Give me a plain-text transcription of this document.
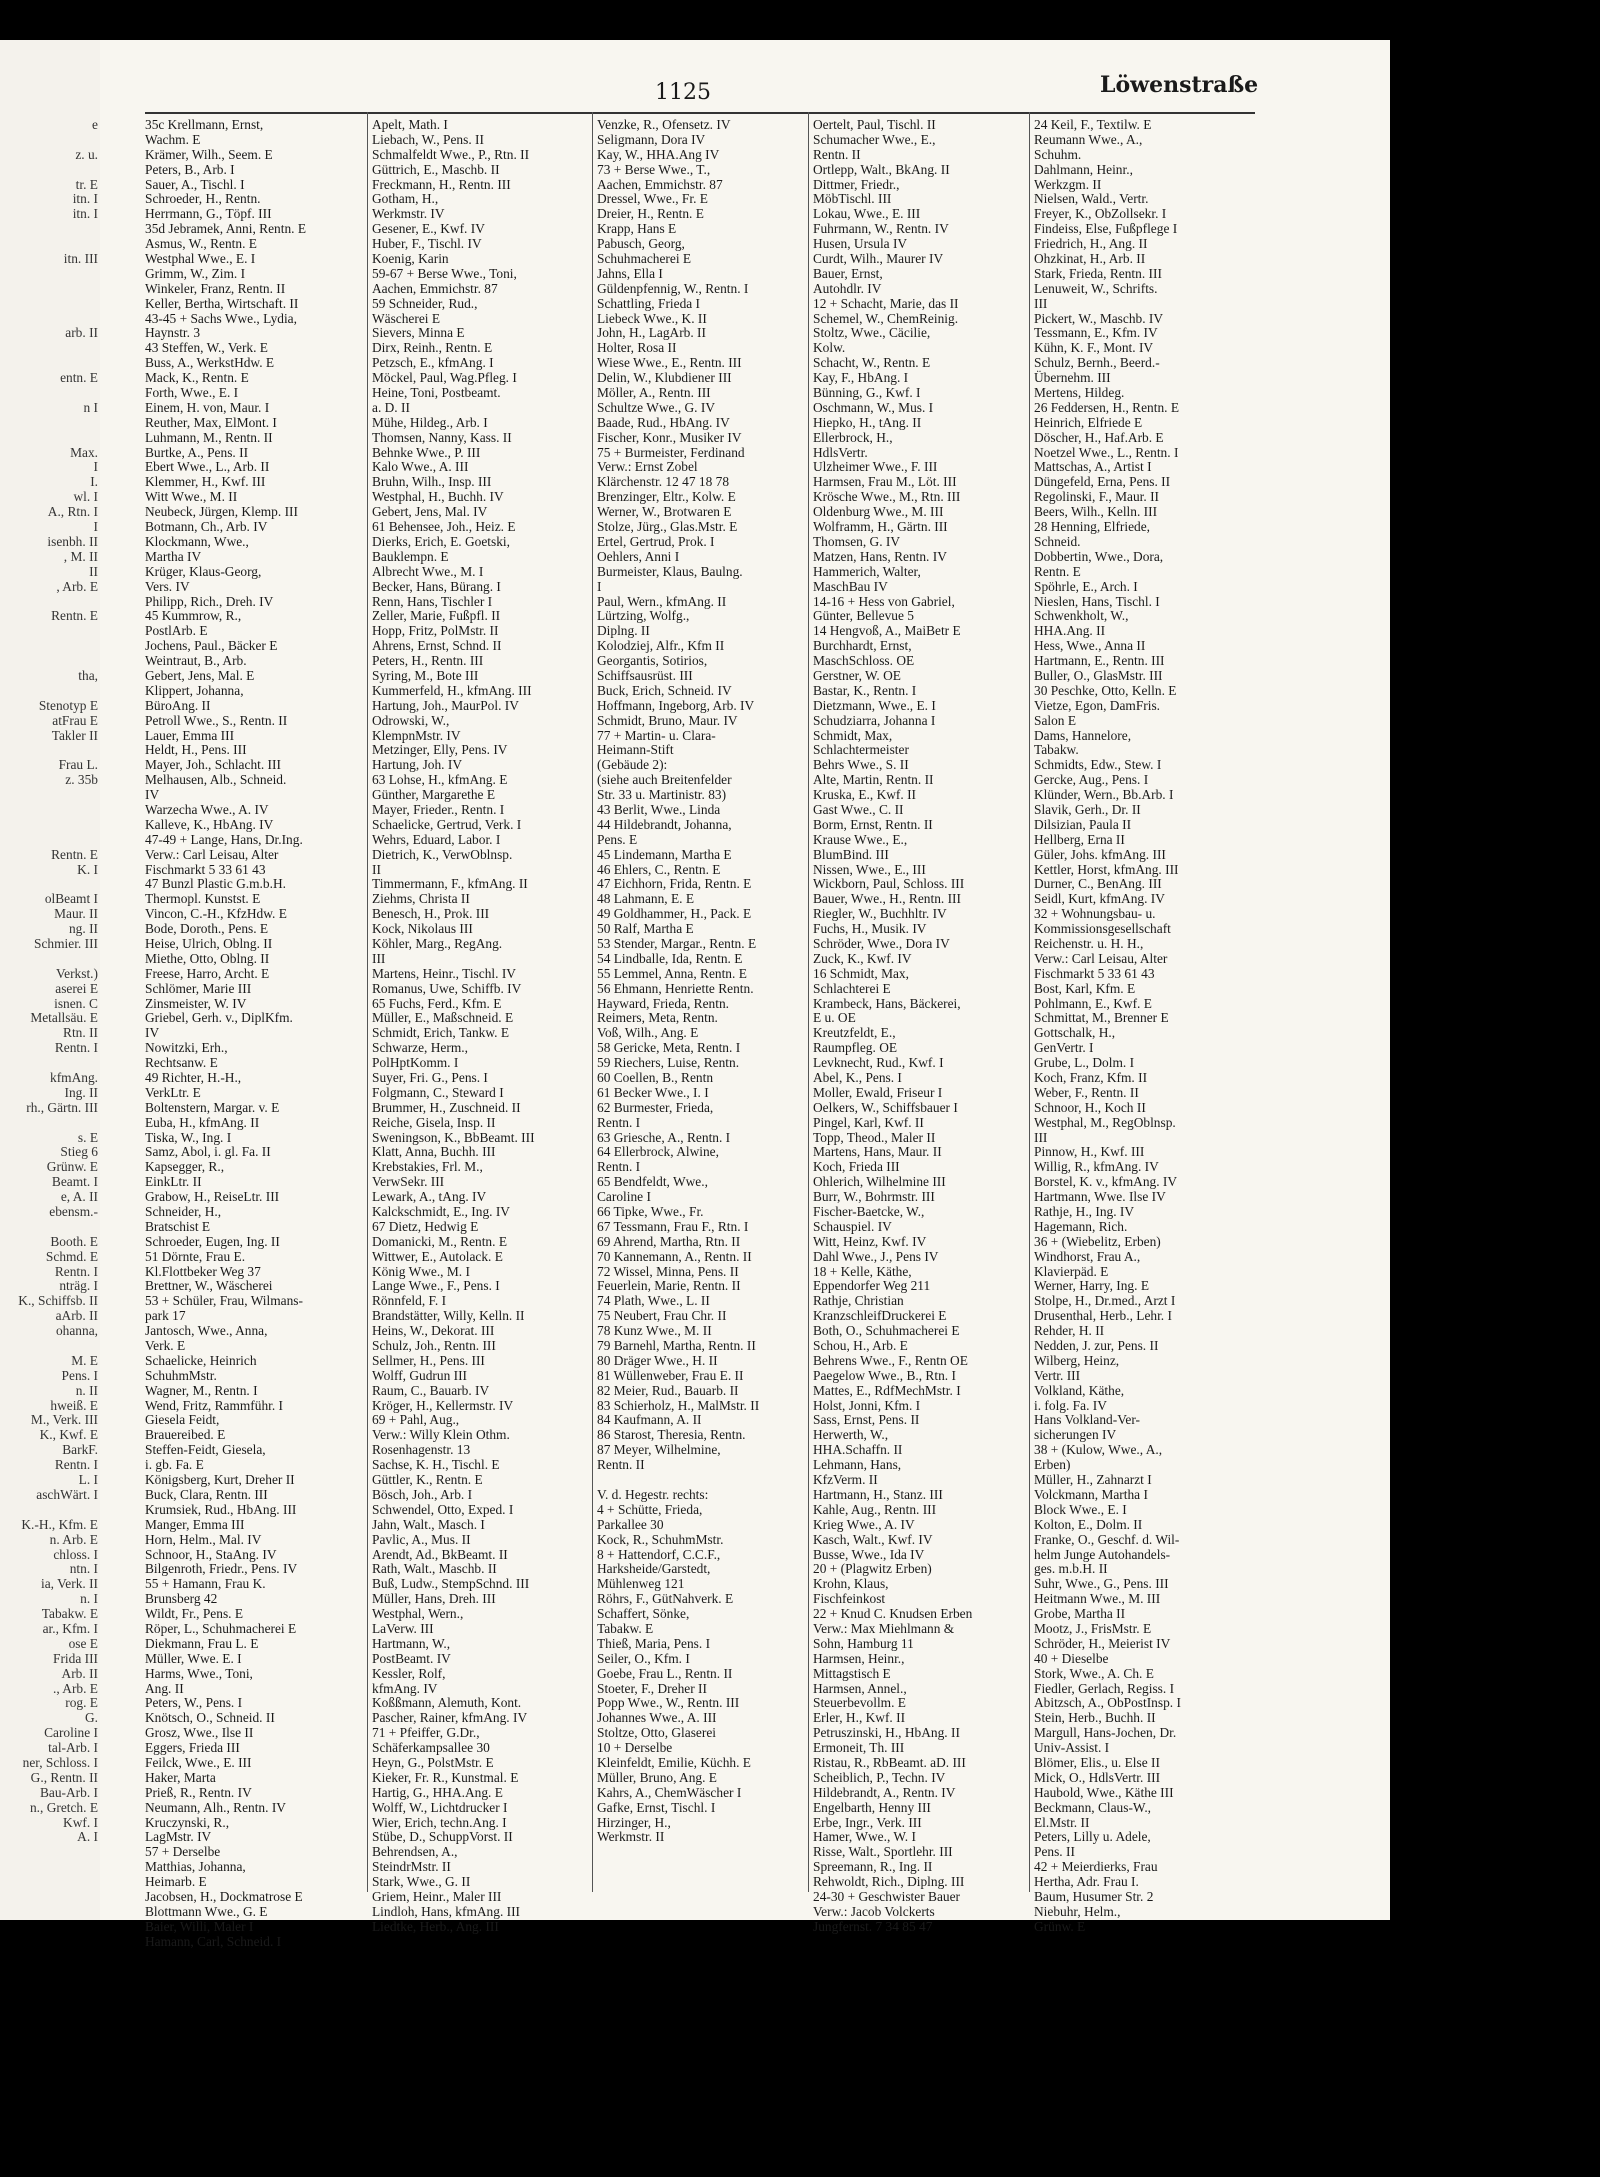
e
z. u.
tr. E
itn. I
itn. I
itn. III
arb. II
entn. E
n I
Max.
I
I.
wl. I
A., Rtn. I
I
isenbh. II
, M. II
II
, Arb. E
Rentn. E
tha,
Stenotyp E
atFrau E
Takler II
Frau L.
z. 35b
Rentn. E
K. I
olBeamt I
Maur. II
ng. II
Schmier. III
Verkst.)
aserei E
isnen. C
Metallsäu. E
Rtn. II
Rentn. I
kfmAng.
Ing. II
rh., Gärtn. III
s. E
Stieg 6
Grünw. E
Beamt. I
e, A. II
ebensm.-
Booth. E
Schmd. E
Rentn. I
nträg. I
K., Schiffsb. II
aArb. II
ohanna,
M. E
Pens. I
n. II
hweiß. E
M., Verk. III
K., Kwf. E
BarkF.
Rentn. I
L. I
aschWärt. I
K.-H., Kfm. E
n. Arb. E
chloss. I
ntn. I
ia, Verk. II
n. I
Tabakw. E
ar., Kfm. I
ose E
Frida III
Arb. II
., Arb. E
rog. E
G.
Caroline I
tal-Arb. I
ner, Schloss. I
G., Rentn. II
Bau-Arb. I
n., Gretch. E
Kwf. I
A. I
1125	Löwenstraße
35c Krellmann, Ernst,
Wachm. E
Krämer, Wilh., Seem. E
Peters, B., Arb. I
Sauer, A., Tischl. I
Schroeder, H., Rentn.
Herrmann, G., Töpf. III
35d Jebramek, Anni, Rentn. E
Asmus, W., Rentn. E
Westphal Wwe., E. I
Grimm, W., Zim. I
Winkeler, Franz, Rentn. II
Keller, Bertha, Wirtschaft. II
43-45 + Sachs Wwe., Lydia,
Haynstr. 3
43 Steffen, W., Verk. E
Buss, A., WerkstHdw. E
Mack, K., Rentn. E
Forth, Wwe., E. I
Einem, H. von, Maur. I
Reuther, Max, ElMont. I
Luhmann, M., Rentn. II
Burtke, A., Pens. II
Ebert Wwe., L., Arb. II
Klemmer, H., Kwf. III
Witt Wwe., M. II
Neubeck, Jürgen, Klemp. III
Botmann, Ch., Arb. IV
Klockmann, Wwe.,
Martha IV
Krüger, Klaus-Georg,
Vers. IV
Philipp, Rich., Dreh. IV
45 Kummrow, R.,
PostlArb. E
Jochens, Paul., Bäcker E
Weintraut, B., Arb.
Gebert, Jens, Mal. E
Klippert, Johanna,
BüroAng. II
Petroll Wwe., S., Rentn. II
Lauer, Emma III
Heldt, H., Pens. III
Mayer, Joh., Schlacht. III
Melhausen, Alb., Schneid.
IV
Warzecha Wwe., A. IV
Kalleve, K., HbAng. IV
47-49 + Lange, Hans, Dr.Ing.
Verw.: Carl Leisau, Alter
Fischmarkt 5 33 61 43
47 Bunzl Plastic G.m.b.H.
Thermopl. Kunstst. E
Vincon, C.-H., KfzHdw. E
Bode, Doroth., Pens. E
Heise, Ulrich, Oblng. II
Miethe, Otto, Oblng. II
Freese, Harro, Archt. E
Schlömer, Marie III
Zinsmeister, W. IV
Griebel, Gerh. v., DiplKfm.
IV
Nowitzki, Erh.,
Rechtsanw. E
49 Richter, H.-H.,
VerkLtr. E
Boltenstern, Margar. v. E
Euba, H., kfmAng. II
Tiska, W., Ing. I
Samz, Abol, i. gl. Fa. II
Kapsegger, R.,
EinkLtr. II
Grabow, H., ReiseLtr. III
Schneider, H.,
Bratschist E
Schroeder, Eugen, Ing. II
51 Dörnte, Frau E.
Kl.Flottbeker Weg 37
Brettner, W., Wäscherei
53 + Schüler, Frau, Wilmans-
park 17
Jantosch, Wwe., Anna,
Verk. E
Schaelicke, Heinrich
SchuhmMstr.
Wagner, M., Rentn. I
Wend, Fritz, Rammführ. I
Giesela Feidt,
Brauereibed. E
Steffen-Feidt, Giesela,
i. gb. Fa. E
Königsberg, Kurt, Dreher II
Buck, Clara, Rentn. III
Krumsiek, Rud., HbAng. III
Manger, Emma III
Horn, Helm., Mal. IV
Schnoor, H., StaAng. IV
Bilgenroth, Friedr., Pens. IV
55 + Hamann, Frau K.
Brunsberg 42
Wildt, Fr., Pens. E
Röper, L., Schuhmacherei E
Diekmann, Frau L. E
Müller, Wwe. E. I
Harms, Wwe., Toni,
Ang. II
Peters, W., Pens. I
Knötsch, O., Schneid. II
Grosz, Wwe., Ilse II
Eggers, Frieda III
Feilck, Wwe., E. III
Haker, Marta
Prieß, R., Rentn. IV
Neumann, Alh., Rentn. IV
Kruczynski, R.,
LagMstr. IV
57 + Derselbe
Matthias, Johanna,
Heimarb. E
Jacobsen, H., Dockmatrose E
Blottmann Wwe., G. E
Baier, Willi, Maler I
Hamann, Carl, Schneid. I
Apelt, Math. I
Liebach, W., Pens. II
Schmalfeldt Wwe., P., Rtn. II
Güttrich, E., Maschb. II
Freckmann, H., Rentn. III
Gotham, H.,
Werkmstr. IV
Gesener, E., Kwf. IV
Huber, F., Tischl. IV
Koenig, Karin
59-67 + Berse Wwe., Toni,
Aachen, Emmichstr. 87
59 Schneider, Rud.,
Wäscherei E
Sievers, Minna E
Dirx, Reinh., Rentn. E
Petzsch, E., kfmAng. I
Möckel, Paul, Wag.Pfleg. I
Heine, Toni, Postbeamt.
a. D. II
Mühe, Hildeg., Arb. I
Thomsen, Nanny, Kass. II
Behnke Wwe., P. III
Kalo Wwe., A. III
Bruhn, Wilh., Insp. III
Westphal, H., Buchh. IV
Gebert, Jens, Mal. IV
61 Behensee, Joh., Heiz. E
Dierks, Erich, E. Goetski,
Bauklempn. E
Albrecht Wwe., M. I
Becker, Hans, Bürang. I
Renn, Hans, Tischler I
Zeller, Marie, Fußpfl. II
Hopp, Fritz, PolMstr. II
Ahrens, Ernst, Schnd. II
Peters, H., Rentn. III
Syring, M., Bote III
Kummerfeld, H., kfmAng. III
Hartung, Joh., MaurPol. IV
Odrowski, W.,
KlempnMstr. IV
Metzinger, Elly, Pens. IV
Hartung, Joh. IV
63 Lohse, H., kfmAng. E
Günther, Margarethe E
Mayer, Frieder., Rentn. I
Schaelicke, Gertrud, Verk. I
Wehrs, Eduard, Labor. I
Dietrich, K., VerwOblnsp.
II
Timmermann, F., kfmAng. II
Ziehms, Christa II
Benesch, H., Prok. III
Kock, Nikolaus III
Köhler, Marg., RegAng.
III
Martens, Heinr., Tischl. IV
Romanus, Uwe, Schiffb. IV
65 Fuchs, Ferd., Kfm. E
Müller, E., Maßschneid. E
Schmidt, Erich, Tankw. E
Schwarze, Herm.,
PolHptKomm. I
Suyer, Fri. G., Pens. I
Folgmann, C., Steward I
Brummer, H., Zuschneid. II
Reiche, Gisela, Insp. II
Sweningson, K., BbBeamt. III
Klatt, Anna, Buchh. III
Krebstakies, Frl. M.,
VerwSekr. III
Lewark, A., tAng. IV
Kalckschmidt, E., Ing. IV
67 Dietz, Hedwig E
Domanicki, M., Rentn. E
Wittwer, E., Autolack. E
König Wwe., M. I
Lange Wwe., F., Pens. I
Rönnfeld, F. I
Brandstätter, Willy, Kelln. II
Heins, W., Dekorat. III
Schulz, Joh., Rentn. III
Sellmer, H., Pens. III
Wolff, Gudrun III
Raum, C., Bauarb. IV
Kröger, H., Kellermstr. IV
69 + Pahl, Aug.,
Verw.: Willy Klein Othm.
Rosenhagenstr. 13
Sachse, K. H., Tischl. E
Güttler, K., Rentn. E
Bösch, Joh., Arb. I
Schwendel, Otto, Exped. I
Jahn, Walt., Masch. I
Pavlic, A., Mus. II
Arendt, Ad., BkBeamt. II
Rath, Walt., Maschb. II
Buß, Ludw., StempSchnd. III
Müller, Hans, Dreh. III
Westphal, Wern.,
LaVerw. III
Hartmann, W.,
PostBeamt. IV
Kessler, Rolf,
kfmAng. IV
Koßßmann, Alemuth, Kont.
Pascher, Rainer, kfmAng. IV
71 + Pfeiffer, G.Dr.,
Schäferkampsallee 30
Heyn, G., PolstMstr. E
Kieker, Fr. R., Kunstmal. E
Hartig, G., HHA.Ang. E
Wolff, W., Lichtdrucker I
Wier, Erich, techn.Ang. I
Stübe, D., SchuppVorst. II
Behrendsen, A.,
SteindrMstr. II
Stark, Wwe., G. II
Griem, Heinr., Maler III
Lindloh, Hans, kfmAng. III
Liedtke, Herb., Ang. III
Venzke, R., Ofensetz. IV
Seligmann, Dora IV
Kay, W., HHA.Ang IV
73 + Berse Wwe., T.,
Aachen, Emmichstr. 87
Dressel, Wwe., Fr. E
Dreier, H., Rentn. E
Krapp, Hans E
Pabusch, Georg,
Schuhmacherei E
Jahns, Ella I
Güldenpfennig, W., Rentn. I
Schattling, Frieda I
Liebeck Wwe., K. II
John, H., LagArb. II
Holter, Rosa II
Wiese Wwe., E., Rentn. III
Delin, W., Klubdiener III
Möller, A., Rentn. III
Schultze Wwe., G. IV
Baade, Rud., HbAng. IV
Fischer, Konr., Musiker IV
75 + Burmeister, Ferdinand
Verw.: Ernst Zobel
Klärchenstr. 12 47 18 78
Brenzinger, Eltr., Kolw. E
Werner, W., Brotwaren E
Stolze, Jürg., Glas.Mstr. E
Ertel, Gertrud, Prok. I
Oehlers, Anni I
Burmeister, Klaus, Baulng.
I
Paul, Wern., kfmAng. II
Lürtzing, Wolfg.,
Diplng. II
Kolodziej, Alfr., Kfm II
Georgantis, Sotirios,
Schiffsausrüst. III
Buck, Erich, Schneid. IV
Hoffmann, Ingeborg, Arb. IV
Schmidt, Bruno, Maur. IV
77 + Martin- u. Clara-
Heimann-Stift
(Gebäude 2):
(siehe auch Breitenfelder
Str. 33 u. Martinistr. 83)
43 Berlit, Wwe., Linda
44 Hildebrandt, Johanna,
Pens. E
45 Lindemann, Martha E
46 Ehlers, C., Rentn. E
47 Eichhorn, Frida, Rentn. E
48 Lahmann, E. E
49 Goldhammer, H., Pack. E
50 Ralf, Martha E
53 Stender, Margar., Rentn. E
54 Lindballe, Ida, Rentn. E
55 Lemmel, Anna, Rentn. E
56 Ehmann, Henriette Rentn.
Hayward, Frieda, Rentn.
Reimers, Meta, Rentn.
Voß, Wilh., Ang. E
58 Gericke, Meta, Rentn. I
59 Riechers, Luise, Rentn.
60 Coellen, B., Rentn
61 Becker Wwe., I. I
62 Burmester, Frieda,
Rentn. I
63 Griesche, A., Rentn. I
64 Ellerbrock, Alwine,
Rentn. I
65 Bendfeldt, Wwe.,
Caroline I
66 Tipke, Wwe., Fr.
67 Tessmann, Frau F., Rtn. I
69 Ahrend, Martha, Rtn. II
70 Kannemann, A., Rentn. II
72 Wissel, Minna, Pens. II
Feuerlein, Marie, Rentn. II
74 Plath, Wwe., L. II
75 Neubert, Frau Chr. II
78 Kunz Wwe., M. II
79 Barnehl, Martha, Rentn. II
80 Dräger Wwe., H. II
81 Wüllenweber, Frau E. II
82 Meier, Rud., Bauarb. II
83 Schierholz, H., MalMstr. II
84 Kaufmann, A. II
86 Starost, Theresia, Rentn.
87 Meyer, Wilhelmine,
Rentn. II
V. d. Hegestr. rechts:
4 + Schütte, Frieda,
Parkallee 30
Kock, R., SchuhmMstr.
8 + Hattendorf, C.C.F.,
Harksheide/Garstedt,
Mühlenweg 121
Röhrs, F., GütNahverk. E
Schaffert, Sönke,
Tabakw. E
Thieß, Maria, Pens. I
Seiler, O., Kfm. I
Goebe, Frau L., Rentn. II
Stoeter, F., Dreher II
Popp Wwe., W., Rentn. III
Johannes Wwe., A. III
Stoltze, Otto, Glaserei
10 + Derselbe
Kleinfeldt, Emilie, Küchh. E
Müller, Bruno, Ang. E
Kahrs, A., ChemWäscher I
Gafke, Ernst, Tischl. I
Hirzinger, H.,
Werkmstr. II
Oertelt, Paul, Tischl. II
Schumacher Wwe., E.,
Rentn. II
Ortlepp, Walt., BkAng. II
Dittmer, Friedr.,
MöbTischl. III
Lokau, Wwe., E. III
Fuhrmann, W., Rentn. IV
Husen, Ursula IV
Curdt, Wilh., Maurer IV
Bauer, Ernst,
Autohdlr. IV
12 + Schacht, Marie, das II
Schemel, W., ChemReinig.
Stoltz, Wwe., Cäcilie,
Kolw.
Schacht, W., Rentn. E
Kay, F., HbAng. I
Bünning, G., Kwf. I
Oschmann, W., Mus. I
Hiepko, H., tAng. II
Ellerbrock, H.,
HdlsVertr.
Ulzheimer Wwe., F. III
Harmsen, Frau M., Löt. III
Krösche Wwe., M., Rtn. III
Oldenburg Wwe., M. III
Wolframm, H., Gärtn. III
Thomsen, G. IV
Matzen, Hans, Rentn. IV
Hammerich, Walter,
MaschBau IV
14-16 + Hess von Gabriel,
Günter, Bellevue 5
14 Hengvoß, A., MaiBetr E
Burchhardt, Ernst,
MaschSchloss. OE
Gerstner, W. OE
Bastar, K., Rentn. I
Dietzmann, Wwe., E. I
Schudziarra, Johanna I
Schmidt, Max,
Schlachtermeister
Behrs Wwe., S. II
Alte, Martin, Rentn. II
Kruska, E., Kwf. II
Gast Wwe., C. II
Borm, Ernst, Rentn. II
Krause Wwe., E.,
BlumBind. III
Nissen, Wwe., E., III
Wickborn, Paul, Schloss. III
Bauer, Wwe., H., Rentn. III
Riegler, W., Buchhltr. IV
Fuchs, H., Musik. IV
Schröder, Wwe., Dora IV
Zuck, K., Kwf. IV
16 Schmidt, Max,
Schlachterei E
Krambeck, Hans, Bäckerei,
E u. OE
Kreutzfeldt, E.,
Raumpfleg. OE
Levknecht, Rud., Kwf. I
Abel, K., Pens. I
Moller, Ewald, Friseur I
Oelkers, W., Schiffsbauer I
Pingel, Karl, Kwf. II
Topp, Theod., Maler II
Martens, Hans, Maur. II
Koch, Frieda III
Ohlerich, Wilhelmine III
Burr, W., Bohrmstr. III
Fischer-Baetcke, W.,
Schauspiel. IV
Witt, Heinz, Kwf. IV
Dahl Wwe., J., Pens IV
18 + Kelle, Käthe,
Eppendorfer Weg 211
Rathje, Christian
KranzschleifDruckerei E
Both, O., Schuhmacherei E
Schou, H., Arb. E
Behrens Wwe., F., Rentn OE
Paegelow Wwe., B., Rtn. I
Mattes, E., RdfMechMstr. I
Holst, Jonni, Kfm. I
Sass, Ernst, Pens. II
Herwerth, W.,
HHA.Schaffn. II
Lehmann, Hans,
KfzVerm. II
Hartmann, H., Stanz. III
Kahle, Aug., Rentn. III
Krieg Wwe., A. IV
Kasch, Walt., Kwf. IV
Busse, Wwe., Ida IV
20 + (Plagwitz Erben)
Krohn, Klaus,
Fischfeinkost
22 + Knud C. Knudsen Erben
Verw.: Max Miehlmann &
Sohn, Hamburg 11
Harmsen, Heinr.,
Mittagstisch E
Harmsen, Annel.,
Steuerbevollm. E
Erler, H., Kwf. II
Petruszinski, H., HbAng. II
Ermoneit, Th. III
Ristau, R., RbBeamt. aD. III
Scheiblich, P., Techn. IV
Hildebrandt, A., Rentn. IV
Engelbarth, Henny III
Erbe, Ingr., Verk. III
Hamer, Wwe., W. I
Risse, Walt., Sportlehr. III
Spreemann, R., Ing. II
Rehwoldt, Rich., Diplng. III
24-30 + Geschwister Bauer
Verw.: Jacob Volckerts
Jungfernst. 7 34 85 47
24 Keil, F., Textilw. E
Reumann Wwe., A.,
Schuhm.
Dahlmann, Heinr.,
Werkzgm. II
Nielsen, Wald., Vertr.
Freyer, K., ObZollsekr. I
Findeiss, Else, Fußpflege I
Friedrich, H., Ang. II
Ohzkinat, H., Arb. II
Stark, Frieda, Rentn. III
Lenuweit, W., Schrifts.
III
Pickert, W., Maschb. IV
Tessmann, E., Kfm. IV
Kühn, K. F., Mont. IV
Schulz, Bernh., Beerd.-
Übernehm. III
Mertens, Hildeg.
26 Feddersen, H., Rentn. E
Heinrich, Elfriede E
Döscher, H., Haf.Arb. E
Noetzel Wwe., L., Rentn. I
Mattschas, A., Artist I
Düngefeld, Erna, Pens. II
Regolinski, F., Maur. II
Beers, Wilh., Kelln. III
28 Henning, Elfriede,
Schneid.
Dobbertin, Wwe., Dora,
Rentn. E
Spöhrle, E., Arch. I
Nieslen, Hans, Tischl. I
Schwenkholt, W.,
HHA.Ang. II
Hess, Wwe., Anna II
Hartmann, E., Rentn. III
Buller, O., GlasMstr. III
30 Peschke, Otto, Kelln. E
Vietze, Egon, DamFris.
Salon E
Dams, Hannelore,
Tabakw.
Schmidts, Edw., Stew. I
Gercke, Aug., Pens. I
Klünder, Wern., Bb.Arb. I
Slavik, Gerh., Dr. II
Dilsizian, Paula II
Hellberg, Erna II
Güler, Johs. kfmAng. III
Kettler, Horst, kfmAng. III
Durner, C., BenAng. III
Seidl, Kurt, kfmAng. IV
32 + Wohnungsbau- u.
Kommissionsgesellschaft
Reichenstr. u. H. H.,
Verw.: Carl Leisau, Alter
Fischmarkt 5 33 61 43
Bost, Karl, Kfm. E
Pohlmann, E., Kwf. E
Schmittat, M., Brenner E
Gottschalk, H.,
GenVertr. I
Grube, L., Dolm. I
Koch, Franz, Kfm. II
Weber, F., Rentn. II
Schnoor, H., Koch II
Westphal, M., RegOblnsp.
III
Pinnow, H., Kwf. III
Willig, R., kfmAng. IV
Borstel, K. v., kfmAng. IV
Hartmann, Wwe. Ilse IV
Rathje, H., Ing. IV
Hagemann, Rich.
36 + (Wiebelitz, Erben)
Windhorst, Frau A.,
Klavierpäd. E
Werner, Harry, Ing. E
Stolpe, H., Dr.med., Arzt I
Drusenthal, Herb., Lehr. I
Rehder, H. II
Nedden, J. zur, Pens. II
Wilberg, Heinz,
Vertr. III
Volkland, Käthe,
i. folg. Fa. IV
Hans Volkland-Ver-
sicherungen IV
38 + (Kulow, Wwe., A.,
Erben)
Müller, H., Zahnarzt I
Volckmann, Martha I
Block Wwe., E. I
Kolton, E., Dolm. II
Franke, O., Geschf. d. Wil-
helm Junge Autohandels-
ges. m.b.H. II
Suhr, Wwe., G., Pens. III
Heitmann Wwe., M. III
Grobe, Martha II
Mootz, J., FrisMstr. E
Schröder, H., Meierist IV
40 + Dieselbe
Stork, Wwe., A. Ch. E
Fiedler, Gerlach, Regiss. I
Abitzsch, A., ObPostInsp. I
Stein, Herb., Buchh. II
Margull, Hans-Jochen, Dr.
Univ-Assist. I
Blömer, Elis., u. Else II
Mick, O., HdlsVertr. III
Haubold, Wwe., Käthe III
Beckmann, Claus-W.,
El.Mstr. II
Peters, Lilly u. Adele,
Pens. II
42 + Meierdierks, Frau
Hertha, Adr. Frau I.
Baum, Husumer Str. 2
Niebuhr, Helm.,
Grünw. E
